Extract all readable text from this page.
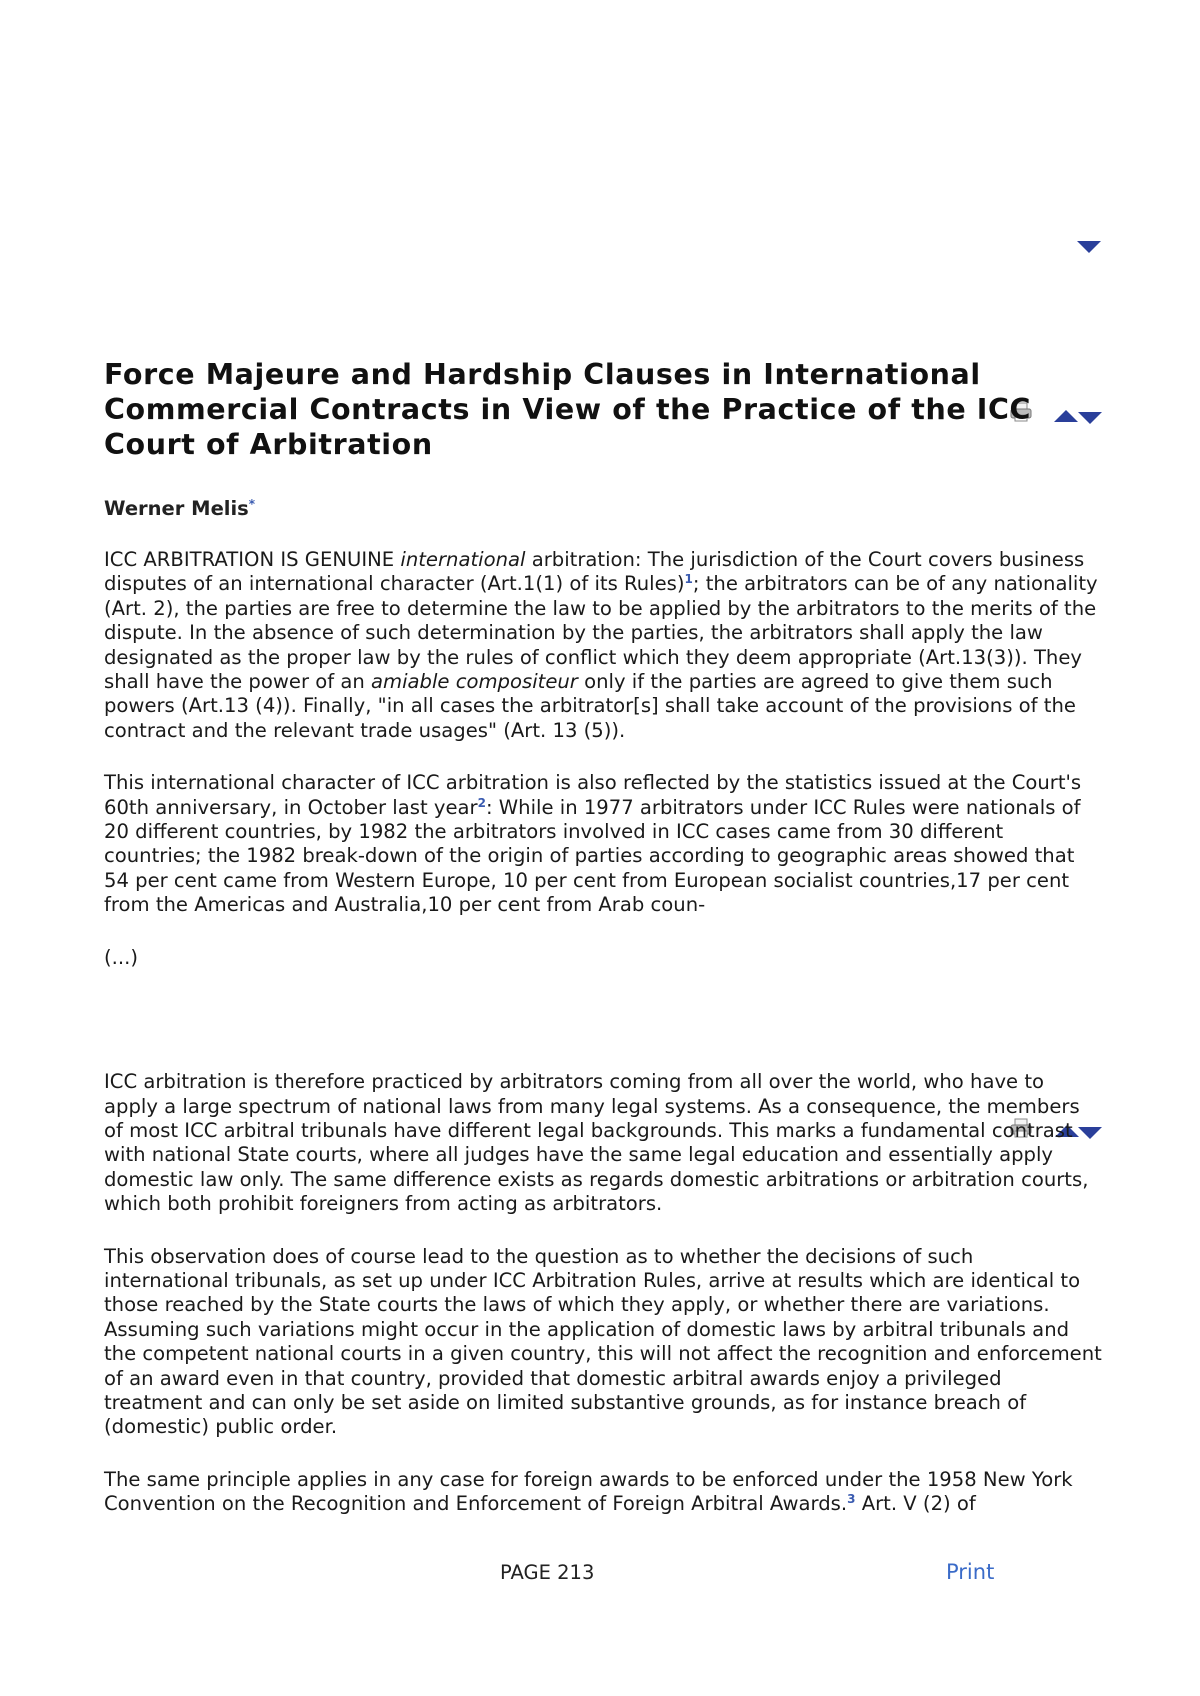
Force Majeure and Hardship Clauses in International Commercial Contracts in View of the Practice of the ICC Court of Arbitration
Werner Melis*

ICC ARBITRATION IS GENUINE international arbitration: The jurisdiction of the Court covers business disputes of an international character (Art.1(1) of its Rules)$^1$; the arbitrators can be of any nationality (Art. 2), the parties are free to determine the law to be applied by the arbitrators to the merits of the dispute. In the absence of such determination by the parties, the arbitrators shall apply the law designated as the proper law by the rules of conflict which they deem appropriate (Art.13(3)). They shall have the power of an amiable compositeur only if the parties are agreed to give them such powers (Art.13 (4)). Finally, "in all cases the arbitrator[s] shall take account of the provisions of the contract and the relevant trade usages" (Art. 13 (5)).

This international character of ICC arbitration is also reflected by the statistics issued at the Court's 60th anniversary, in October last year$^2$: While in 1977 arbitrators under ICC Rules were nationals of 20 different countries, by 1982 the arbitrators involved in ICC cases came from 30 different countries; the 1982 break-down of the origin of parties according to geographic areas showed that 54 per cent came from Western Europe, 10 per cent from European socialist countries,17 per cent from the Americas and Australia,10 per cent from Arab coun-

(...)

ICC arbitration is therefore practiced by arbitrators coming from all over the world, who have to apply a large spectrum of national laws from many legal systems. As a consequence, the members of most ICC arbitral tribunals have different legal backgrounds. This marks a fundamental contrast with national State courts, where all judges have the same legal education and essentially apply domestic law only. The same difference exists as regards domestic arbitrations or arbitration courts, which both prohibit foreigners from acting as arbitrators.

This observation does of course lead to the question as to whether the decisions of such international tribunals, as set up under ICC Arbitration Rules, arrive at results which are identical to those reached by the State courts the laws of which they apply, or whether there are variations. Assuming such variations might occur in the application of domestic laws by arbitral tribunals and the competent national courts in a given country, this will not affect the recognition and enforcement of an award even in that country, provided that domestic arbitral awards enjoy a privileged treatment and can only be set aside on limited substantive grounds, as for instance breach of (domestic) public order.

The same principle applies in any case for foreign awards to be enforced under the 1958 New York Convention on the Recognition and Enforcement of Foreign Arbitral Awards.$^3$ Art. V (2) of

PAGE 213	Print
